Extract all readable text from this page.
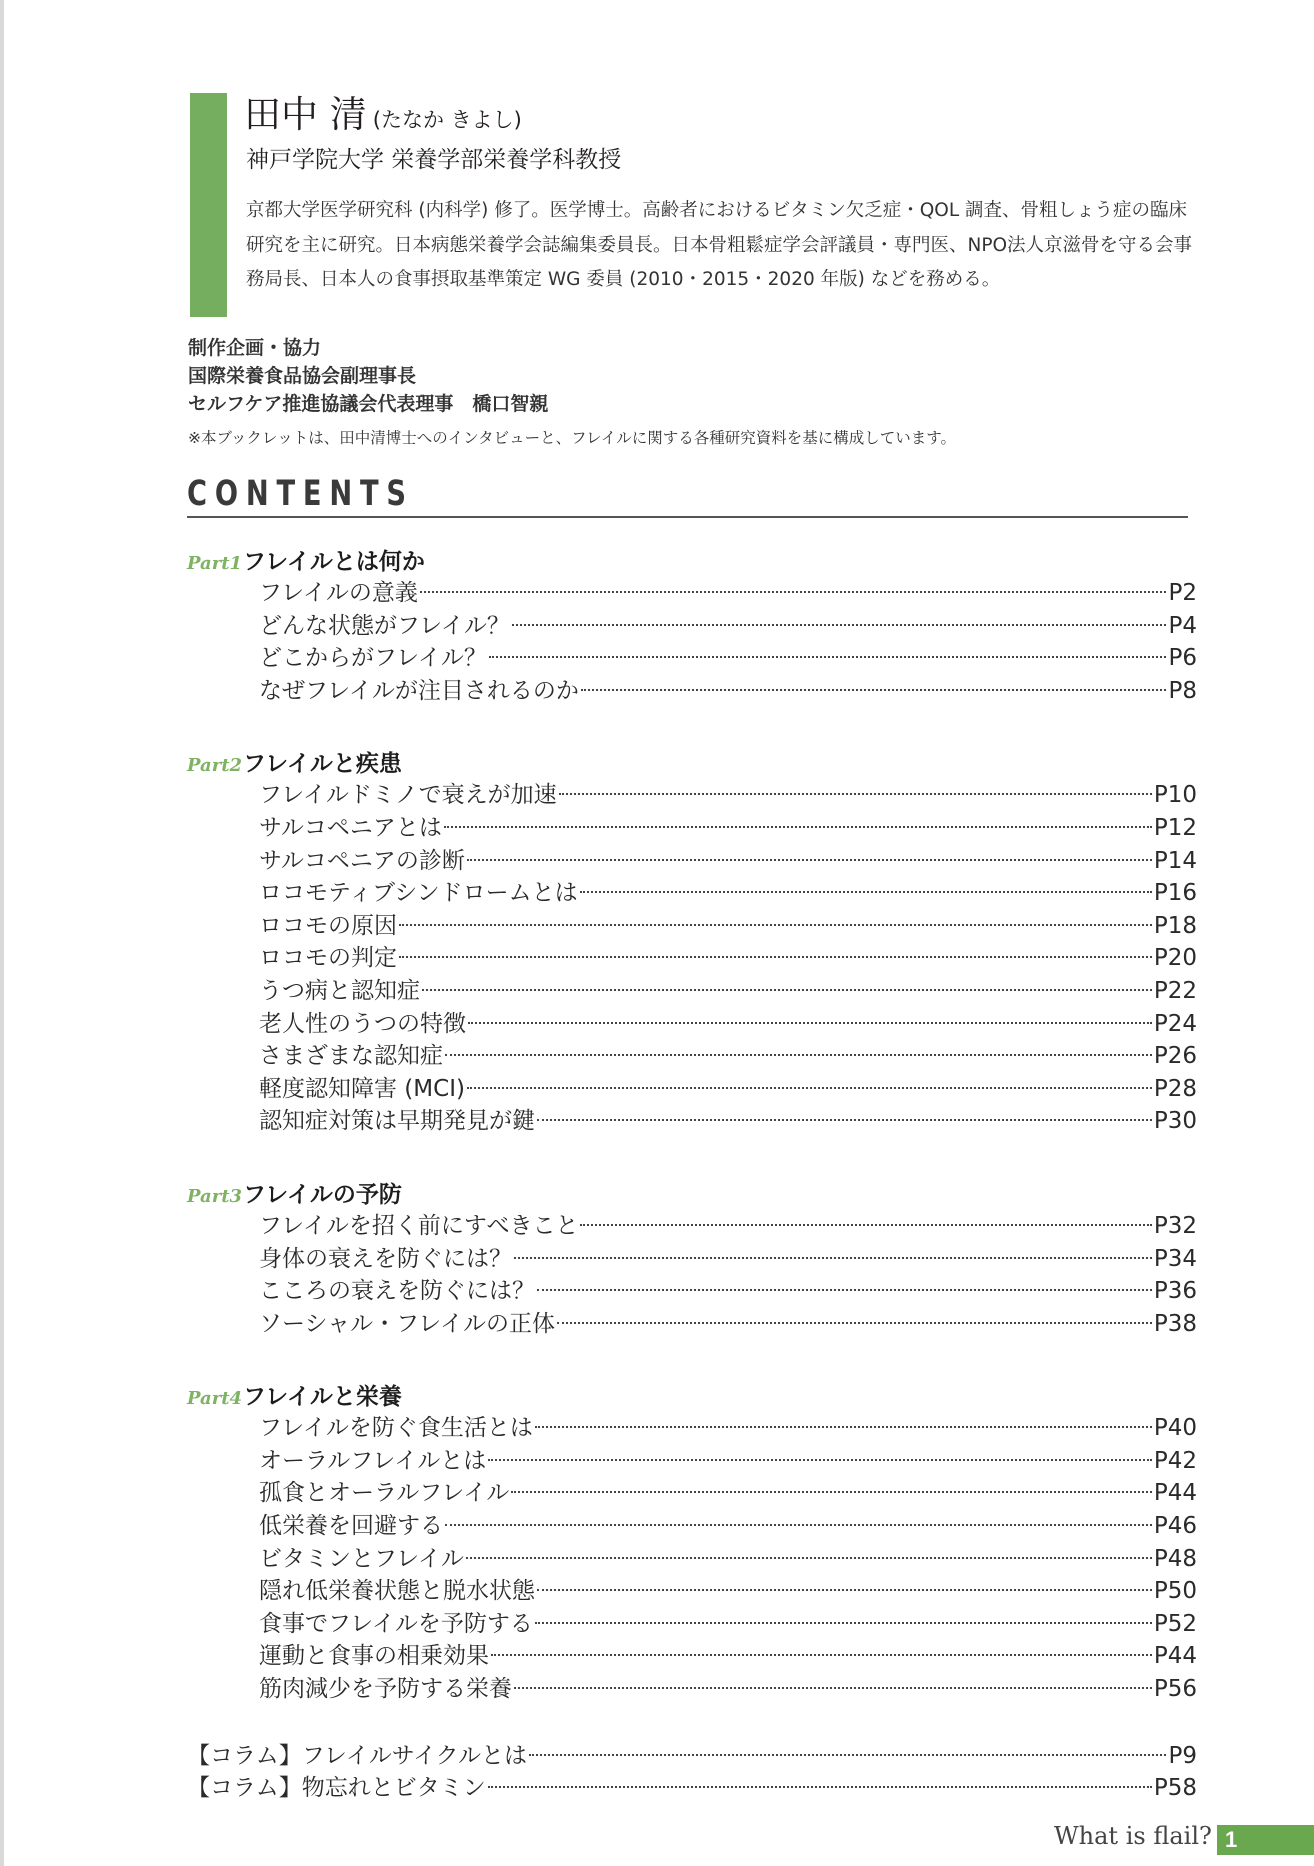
田中 清 (たなか きよし)
神戸学院大学 栄養学部栄養学科教授
京都大学医学研究科 (内科学) 修了。医学博士。高齢者におけるビタミン欠乏症・QOL 調査、骨粗しょう症の臨床研究を主に研究。日本病態栄養学会誌編集委員長。日本骨粗鬆症学会評議員・専門医、NPO法人京滋骨を守る会事務局長、日本人の食事摂取基準策定 WG 委員 (2010・2015・2020 年版) などを務める。
制作企画・協力
国際栄養食品協会副理事長
セルフケア推進協議会代表理事　橋口智親
※本ブックレットは、田中清博士へのインタビューと、フレイルに関する各種研究資料を基に構成しています。
CONTENTS
Part1 フレイルとは何か
フレイルの意義	P2
どんな状態がフレイル？	P4
どこからがフレイル？	P6
なぜフレイルが注目されるのか	P8
Part2 フレイルと疾患
フレイルドミノで衰えが加速	P10
サルコペニアとは	P12
サルコペニアの診断	P14
ロコモティブシンドロームとは	P16
ロコモの原因	P18
ロコモの判定	P20
うつ病と認知症	P22
老人性のうつの特徴	P24
さまざまな認知症	P26
軽度認知障害 (MCI)	P28
認知症対策は早期発見が鍵	P30
Part3 フレイルの予防
フレイルを招く前にすべきこと	P32
身体の衰えを防ぐには？	P34
こころの衰えを防ぐには？	P36
ソーシャル・フレイルの正体	P38
Part4 フレイルと栄養
フレイルを防ぐ食生活とは	P40
オーラルフレイルとは	P42
孤食とオーラルフレイル	P44
低栄養を回避する	P46
ビタミンとフレイル	P48
隠れ低栄養状態と脱水状態	P50
食事でフレイルを予防する	P52
運動と食事の相乗効果	P44
筋肉減少を予防する栄養	P56
【コラム】フレイルサイクルとは	P9
【コラム】物忘れとビタミン	P58
What is flail? 1
